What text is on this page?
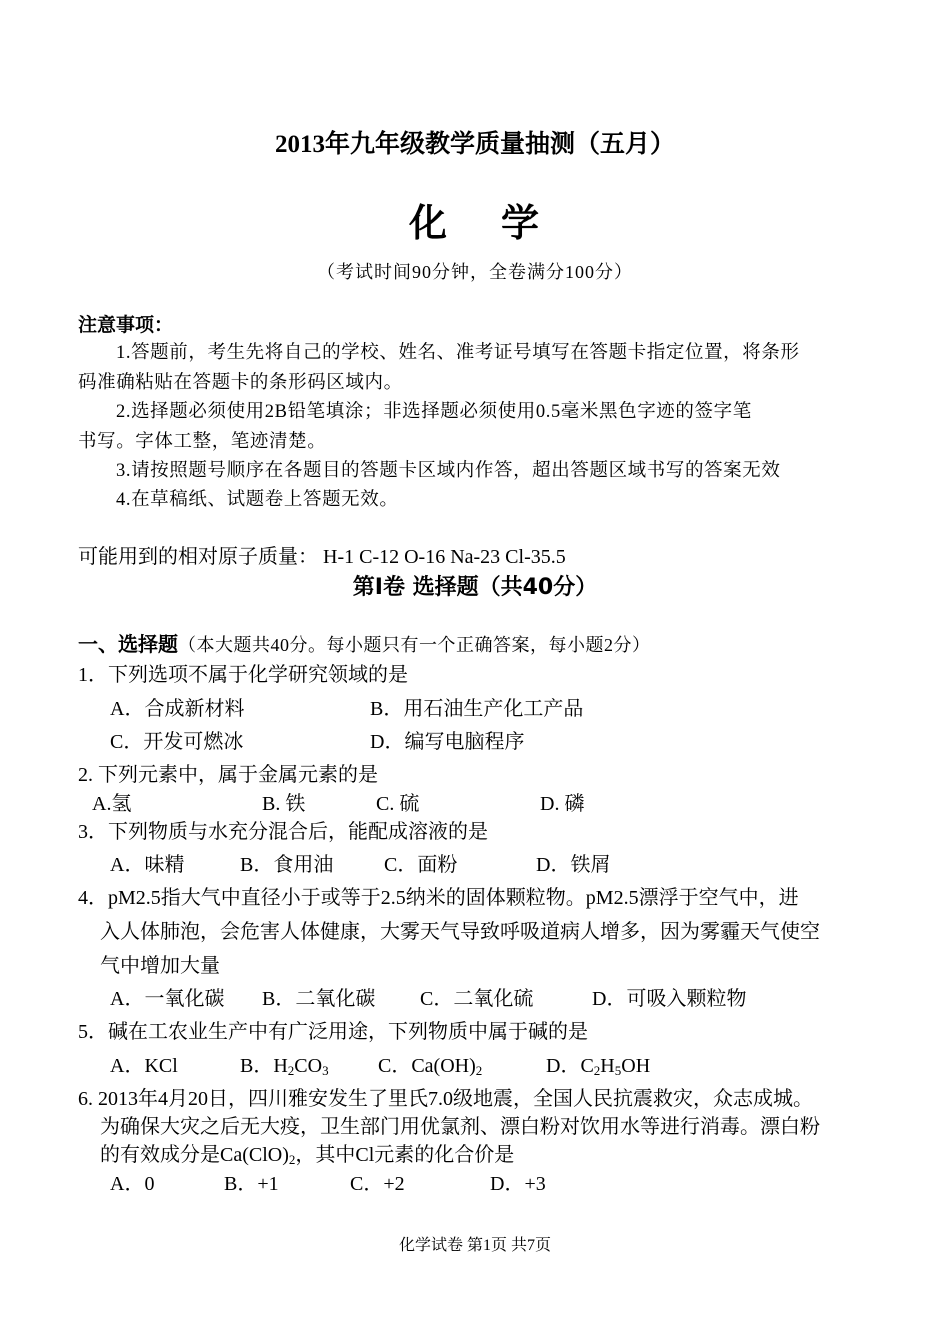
2013年九年级教学质量抽测（五月）
化 学
（考试时间90分钟，全卷满分100分）
注意事项：
1.答题前，考生先将自己的学校、姓名、准考证号填写在答题卡指定位置，将条形
码准确粘贴在答题卡的条形码区域内。
2.选择题必须使用2B铅笔填涂；非选择题必须使用0.5毫米黑色字迹的签字笔
书写。字体工整，笔迹清楚。
3.请按照题号顺序在各题目的答题卡区域内作答，超出答题区域书写的答案无效
4.在草稿纸、试题卷上答题无效。
可能用到的相对原子质量： H-1 C-12 O-16 Na-23 Cl-35.5
第Ⅰ卷 选择题（共40分）
一、选择题（本大题共40分。每小题只有一个正确答案，每小题2分）
1．下列选项不属于化学研究领域的是
A．合成新材料	B．用石油生产化工产品
C．开发可燃冰	D．编写电脑程序
2. 下列元素中，属于金属元素的是
A.氢	B. 铁	C. 硫	D. 磷
3．下列物质与水充分混合后，能配成溶液的是
A．味精	B．食用油	C．面粉	D．铁屑
4．pM2.5指大气中直径小于或等于2.5纳米的固体颗粒物。pM2.5漂浮于空气中，进
入人体肺泡，会危害人体健康，大雾天气导致呼吸道病人增多，因为雾霾天气使空
气中增加大量
A．一氧化碳 B．二氧化碳 C．二氧化硫	D．可吸入颗粒物
5．碱在工农业生产中有广泛用途，下列物质中属于碱的是
A．KCl	B．$H_2CO_3$ C．$Ca(OH)_2$	D．$C_2H_5OH$
6. 2013年4月20日，四川雅安发生了里氏7.0级地震，全国人民抗震救灾，众志成城。
为确保大灾之后无大疫，卫生部门用优氯剂、漂白粉对饮用水等进行消毒。漂白粉
的有效成分是$Ca(ClO)_2$，其中Cl元素的化合价是
A．0	B．+1	C．+2	D．+3
化学试卷 第1页 共7页
